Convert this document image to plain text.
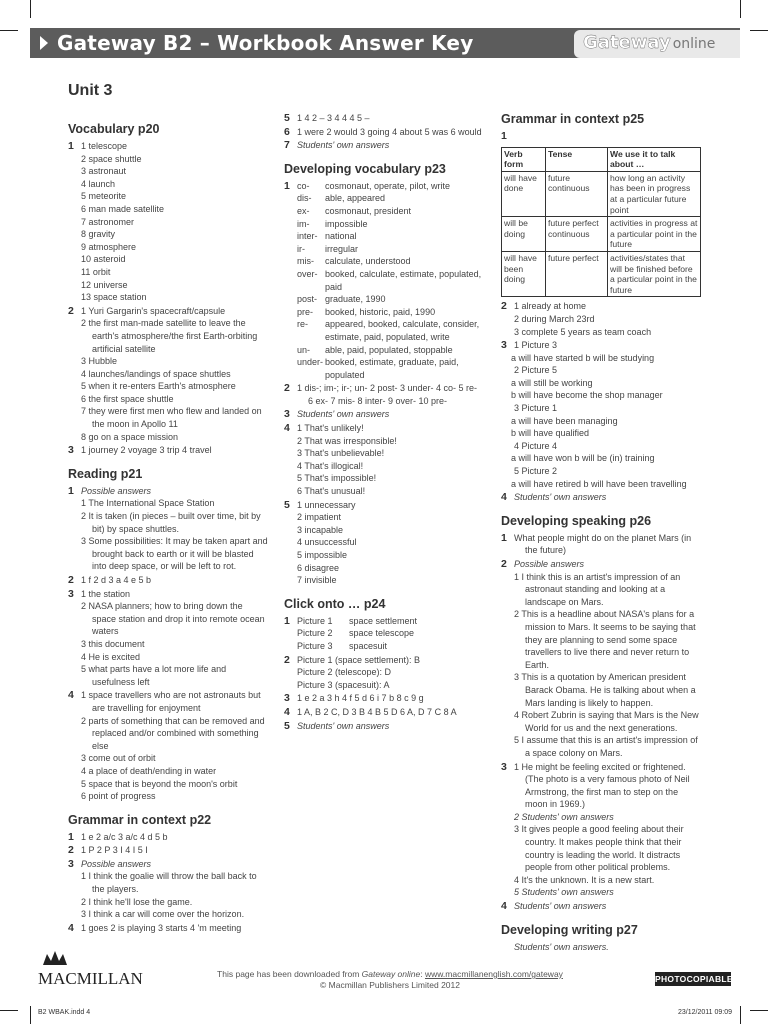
Gateway B2 – Workbook Answer Key	Gateway online
Unit 3
Vocabulary p20
1 1 telescope
2 space shuttle
3 astronaut
4 launch
5 meteorite
6 man made satellite
7 astronomer
8 gravity
9 atmosphere
10 asteroid
11 orbit
12 universe
13 space station
2 1 Yuri Gargarin's spacecraft/capsule
2 the first man-made satellite to leave the earth's atmosphere/the first Earth-orbiting artificial satellite
3 Hubble
4 launches/landings of space shuttles
5 when it re-enters Earth's atmosphere
6 the first space shuttle
7 they were first men who flew and landed on the moon in Apollo 11
8 go on a space mission
3 1 journey 2 voyage 3 trip 4 travel
Reading p21
1 Possible answers
1 The International Space Station
2 It is taken (in pieces – built over time, bit by bit) by space shuttles.
3 Some possibilities: It may be taken apart and brought back to earth or it will be blasted into deep space, or will be left to rot.
2 1 f 2 d 3 a 4 e 5 b
3 1 the station
2 NASA planners; how to bring down the space station and drop it into remote ocean waters
3 this document
4 He is excited
5 what parts have a lot more life and usefulness left
4 1 space travellers who are not astronauts but are travelling for enjoyment
2 parts of something that can be removed and replaced and/or combined with something else
3 come out of orbit
4 a place of death/ending in water
5 space that is beyond the moon's orbit
6 point of progress
Grammar in context p22
1 1 e 2 a/c 3 a/c 4 d 5 b
2 1 P 2 P 3 I 4 I 5 I
3 Possible answers
1 I think the goalie will throw the ball back to the players.
2 I think he'll lose the game.
3 I think a car will come over the horizon.
4 1 goes 2 is playing 3 starts 4 'm meeting
5 1 4 2 – 3 4 4 4 5 –
6 1 were 2 would 3 going 4 about 5 was 6 would
7 Students' own answers
Developing vocabulary p23
1 co-	cosmonaut, operate, pilot, write
dis-	able, appeared
ex-	cosmonaut, president
im-	impossible
inter- national
ir-	irregular
mis-	calculate, understood
over- booked, calculate, estimate, populated, paid
post- graduate, 1990
pre-	booked, historic, paid, 1990
re-	appeared, booked, calculate, consider, estimate, paid, populated, write
un-	able, paid, populated, stoppable
under- booked, estimate, graduate, paid, populated
2 1 dis-; im-; ir-; un- 2 post- 3 under- 4 co- 5 re- 6 ex- 7 mis- 8 inter- 9 over- 10 pre-
3 Students' own answers
4 1 That's unlikely!
2 That was irresponsible!
3 That's unbelievable!
4 That's illogical!
5 That's impossible!
6 That's unusual!
5 1 unnecessary
2 impatient
3 incapable
4 unsuccessful
5 impossible
6 disagree
7 invisible
Click onto … p24
1 Picture 1	space settlement
Picture 2	space telescope
Picture 3	spacesuit
2 Picture 1 (space settlement): B
Picture 2 (telescope): D
Picture 3 (spacesuit): A
3 1 e 2 a 3 h 4 f 5 d 6 i 7 b 8 c 9 g
4 1 A, B 2 C, D 3 B 4 B 5 D 6 A, D 7 C 8 A
5 Students' own answers
Grammar in context p25
1
Verb form	Tense	We use it to talk about …
will have done	future continuous	how long an activity has been in progress at a particular future point
will be doing	future perfect continuous	activities in progress at a particular point in the future
will have been doing	future perfect	activities/states that will be finished before a particular point in the future
2 1 already at home
2 during March 23rd
3 complete 5 years as team coach
3 1 Picture 3
a will have started b will be studying
2 Picture 5
a will still be working
b will have become the shop manager
3 Picture 1
a will have been managing
b will have qualified
4 Picture 4
a will have won b will be (in) training
5 Picture 2
a will have retired b will have been travelling
4 Students' own answers
Developing speaking p26
1 What people might do on the planet Mars (in the future)
2 Possible answers
1 I think this is an artist's impression of an astronaut standing and looking at a landscape on Mars.
2 This is a headline about NASA's plans for a mission to Mars. It seems to be saying that they are planning to send some space travellers to live there and never return to Earth.
3 This is a quotation by American president Barack Obama. He is talking about when a Mars landing is likely to happen.
4 Robert Zubrin is saying that Mars is the New World for us and the next generations.
5 I assume that this is an artist's impression of a space colony on Mars.
3 1 He might be feeling excited or frightened. (The photo is a very famous photo of Neil Armstrong, the first man to step on the moon in 1969.)
2 Students' own answers
3 It gives people a good feeling about their country. It makes people think that their country is leading the world. It distracts people from other political problems.
4 It's the unknown. It is a new start.
5 Students' own answers
4 Students' own answers
Developing writing p27
Students' own answers.
MACMILLAN	This page has been downloaded from Gateway online: www.macmillanenglish.com/gateway
© Macmillan Publishers Limited 2012
PHOTOCOPIABLE
B2 WBAK.indd 4	23/12/2011 09:09
